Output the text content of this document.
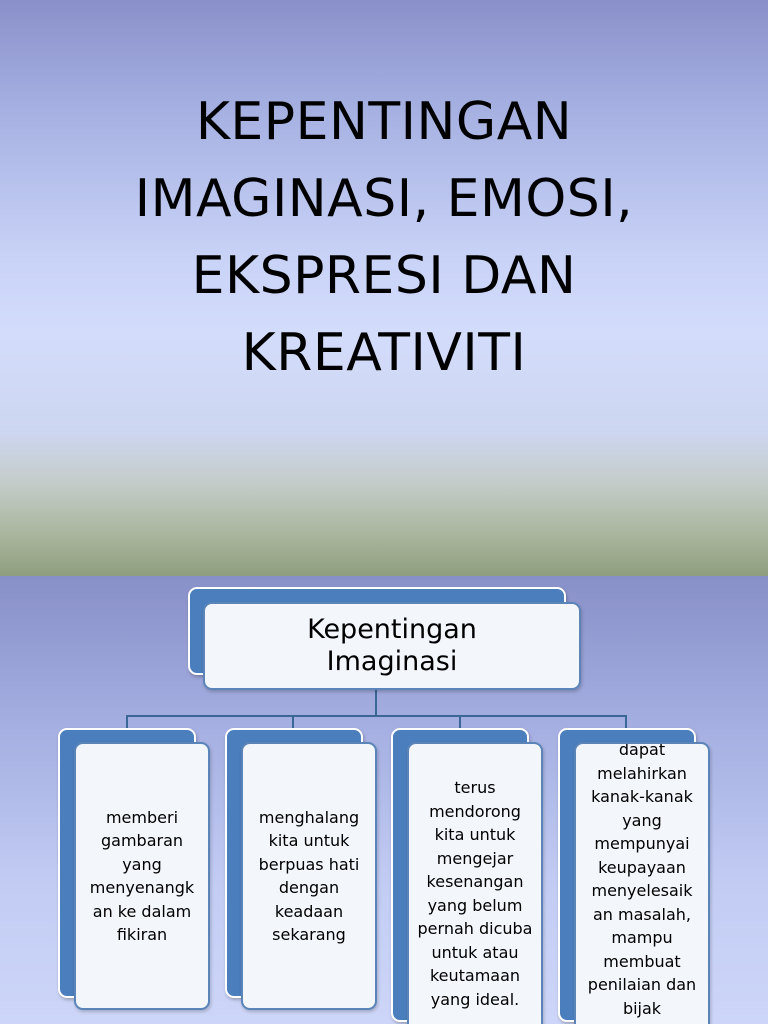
KEPENTINGAN
IMAGINASI, EMOSI,
EKSPRESI DAN
KREATIVITI
Kepentingan
Imaginasi
memberi gambaran yang menyenangk an ke dalam fikiran
menghalang kita untuk berpuas hati dengan keadaan sekarang
terus mendorong kita untuk mengejar kesenangan yang belum pernah dicuba untuk atau keutamaan yang ideal.
dapat melahirkan kanak-kanak yang mempunyai keupayaan menyelesaik an masalah, mampu membuat penilaian dan bijak
